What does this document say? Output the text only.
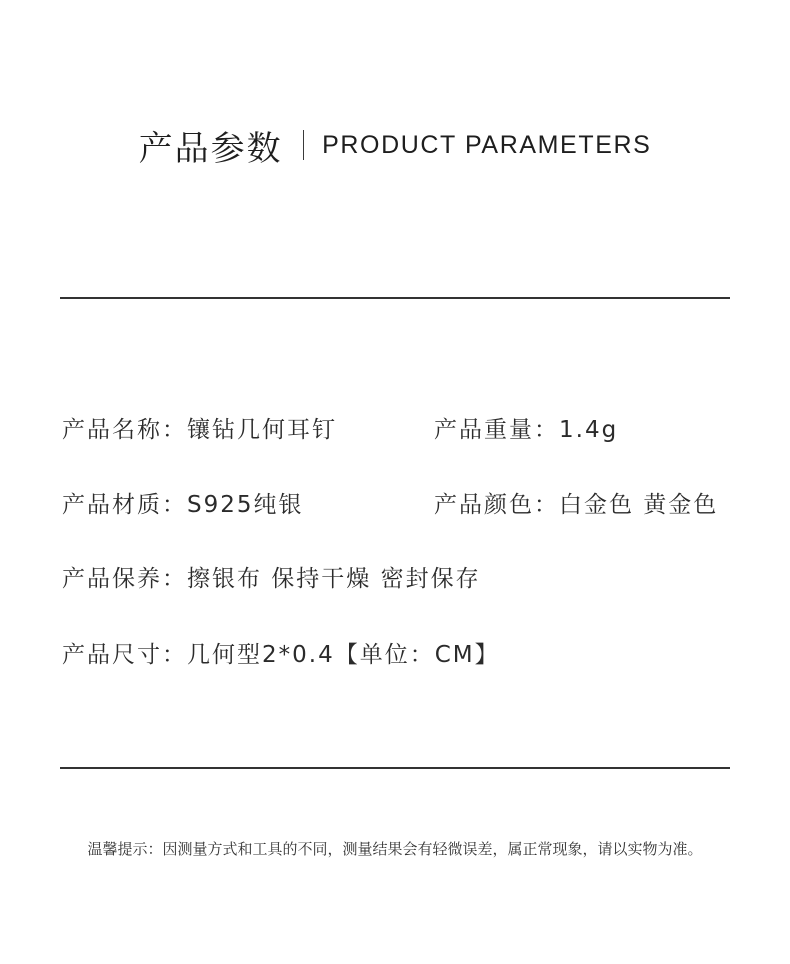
产品参数 PRODUCT PARAMETERS
产品名称：镶钻几何耳钉	产品重量：1.4g
产品材质：S925纯银	产品颜色：白金色 黄金色
产品保养：擦银布 保持干燥 密封保存
产品尺寸：几何型2*0.4【单位：CM】
温馨提示：因测量方式和工具的不同，测量结果会有轻微误差，属正常现象，请以实物为准。
